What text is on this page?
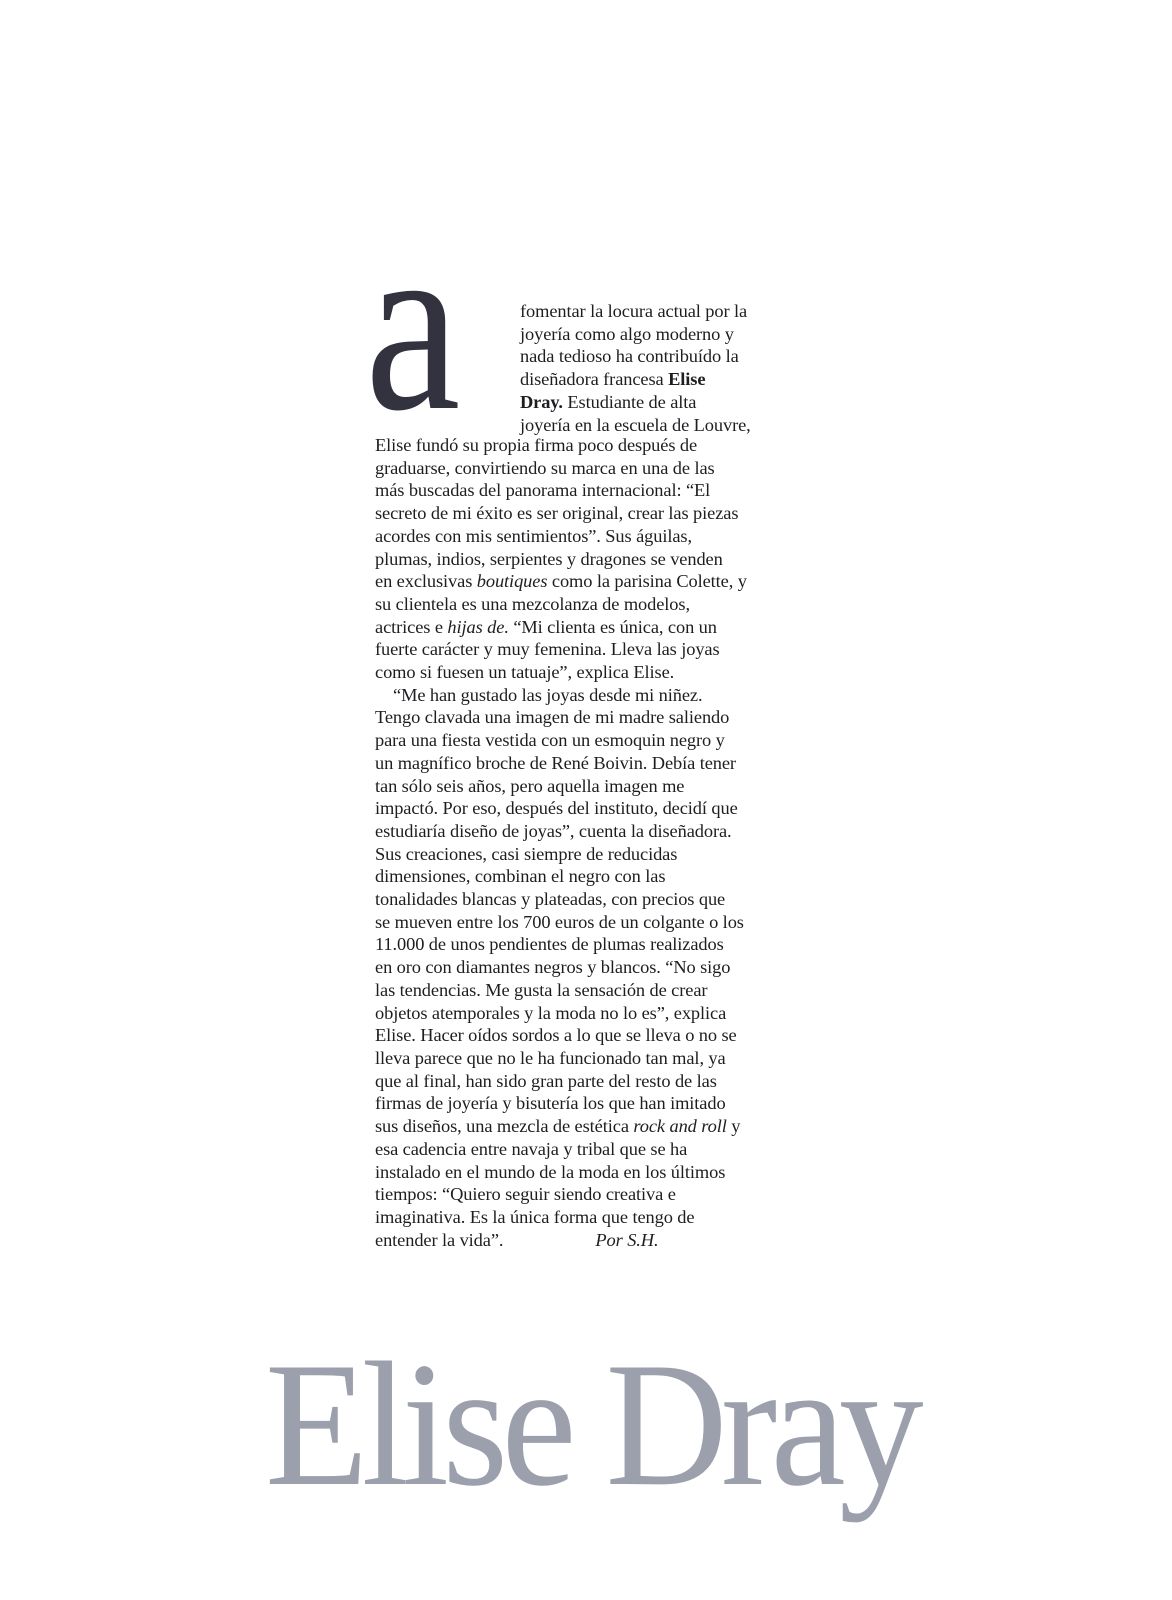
a	fomentar la locura actual por la
joyería como algo moderno y
nada tedioso ha contribuído la
diseñadora francesa Elise
Dray. Estudiante de alta
joyería en la escuela de Louvre,
Elise fundó su propia firma poco después de
graduarse, convirtiendo su marca en una de las
más buscadas del panorama internacional: “El
secreto de mi éxito es ser original, crear las piezas
acordes con mis sentimientos”. Sus águilas,
plumas, indios, serpientes y dragones se venden
en exclusivas boutiques como la parisina Colette, y
su clientela es una mezcolanza de modelos,
actrices e hijas de. “Mi clienta es única, con un
fuerte carácter y muy femenina. Lleva las joyas
como si fuesen un tatuaje”, explica Elise.
“Me han gustado las joyas desde mi niñez.
Tengo clavada una imagen de mi madre saliendo
para una fiesta vestida con un esmoquin negro y
un magnífico broche de René Boivin. Debía tener
tan sólo seis años, pero aquella imagen me
impactó. Por eso, después del instituto, decidí que
estudiaría diseño de joyas”, cuenta la diseñadora.
Sus creaciones, casi siempre de reducidas
dimensiones, combinan el negro con las
tonalidades blancas y plateadas, con precios que
se mueven entre los 700 euros de un colgante o los
11.000 de unos pendientes de plumas realizados
en oro con diamantes negros y blancos. “No sigo
las tendencias. Me gusta la sensación de crear
objetos atemporales y la moda no lo es”, explica
Elise. Hacer oídos sordos a lo que se lleva o no se
lleva parece que no le ha funcionado tan mal, ya
que al final, han sido gran parte del resto de las
firmas de joyería y bisutería los que han imitado
sus diseños, una mezcla de estética rock and roll y
esa cadencia entre navaja y tribal que se ha
instalado en el mundo de la moda en los últimos
tiempos: “Quiero seguir siendo creativa e
imaginativa. Es la única forma que tengo de
entender la vida”.	Por S.H.
Elise Dray
